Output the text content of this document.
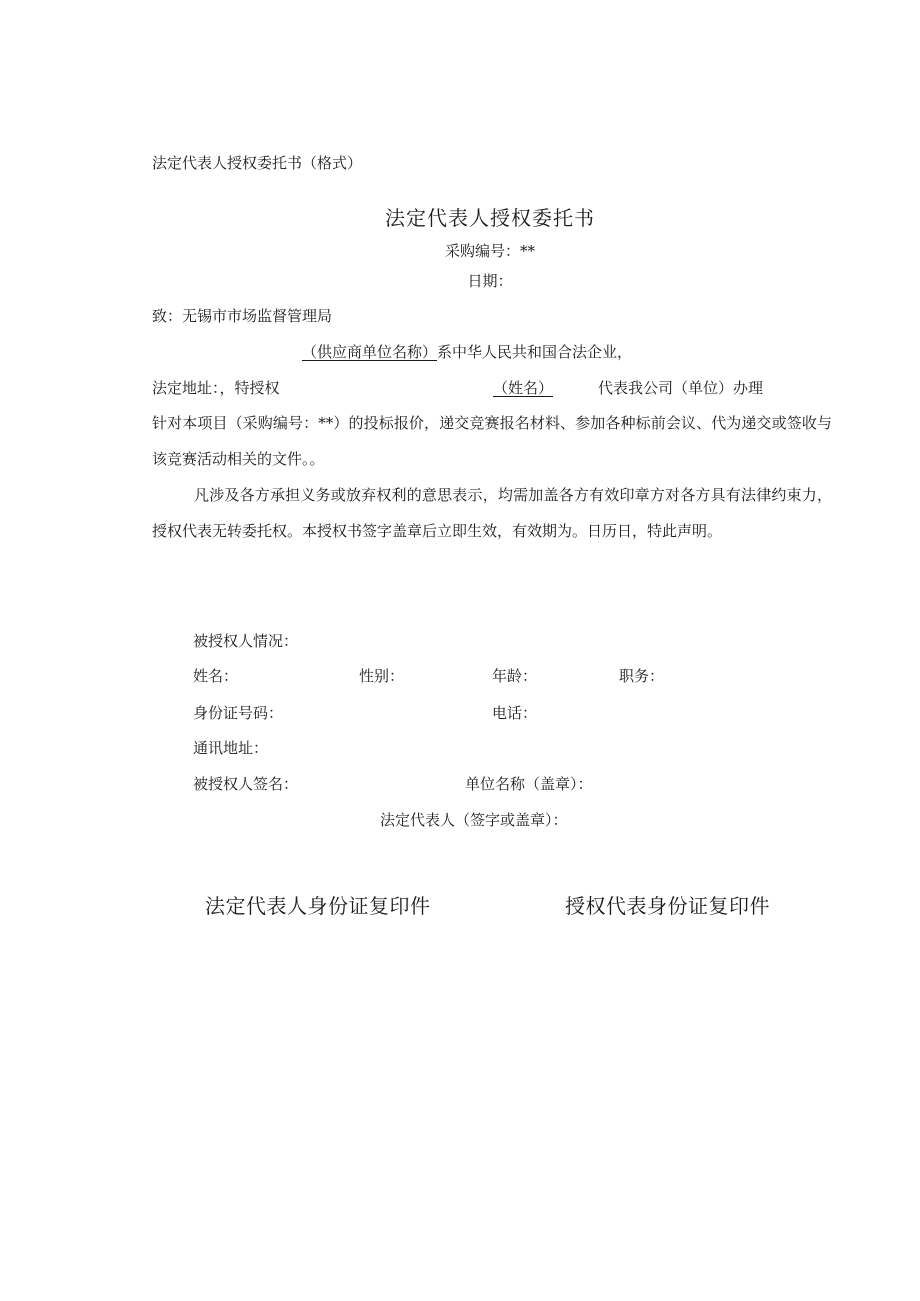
法定代表人授权委托书（格式）
法定代表人授权委托书
采购编号：**
日期：
致：无锡市市场监督管理局
（供应商单位名称）系中华人民共和国合法企业，
法定地址：，特授权	（姓名）	代表我公司（单位）办理
针对本项目（采购编号：**）的投标报价，递交竞赛报名材料、参加各种标前会议、代为递交或签收与该竞赛活动相关的文件。。
凡涉及各方承担义务或放弃权利的意思表示，均需加盖各方有效印章方对各方具有法律约束力，授权代表无转委托权。本授权书签字盖章后立即生效，有效期为。日历日，特此声明。
被授权人情况：
姓名：	性别：	年龄：	职务：
身份证号码：	电话：
通讯地址：
被授权人签名：	单位名称（盖章）：
法定代表人（签字或盖章）：
法定代表人身份证复印件	授权代表身份证复印件
